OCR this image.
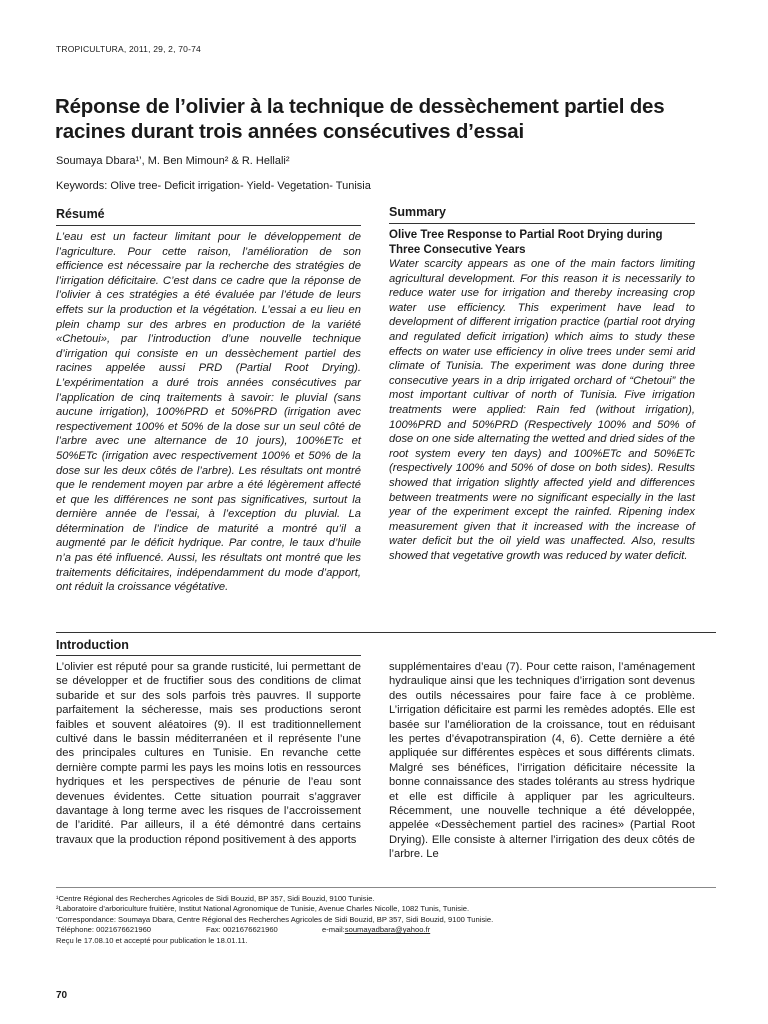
TROPICULTURA, 2011, 29, 2, 70-74
Réponse de l’olivier à la technique de dessèchement partiel des racines durant trois années consécutives d’essai
Soumaya Dbara¹’, M. Ben Mimoun² & R. Hellali²
Keywords: Olive tree- Deficit irrigation- Yield- Vegetation- Tunisia
Résumé

L’eau est un facteur limitant pour le développement de l’agriculture. Pour cette raison, l’amélioration de son efficience est nécessaire par la recherche des stratégies de l’irrigation déficitaire. C’est dans ce cadre que la réponse de l’olivier à ces stratégies a été évaluée par l’étude de leurs effets sur la production et la végétation. L’essai a eu lieu en plein champ sur des arbres en production de la variété «Chetoui», par l’introduction d’une nouvelle technique d’irrigation qui consiste en un dessèchement partiel des racines appelée aussi PRD (Partial Root Drying). L’expérimentation a duré trois années consécutives par l’application de cinq traitements à savoir: le pluvial (sans aucune irrigation), 100%PRD et 50%PRD (irrigation avec respectivement 100% et 50% de la dose sur un seul côté de l’arbre avec une alternance de 10 jours), 100%ETc et 50%ETc (irrigation avec respectivement 100% et 50% de la dose sur les deux côtés de l’arbre). Les résultats ont montré que le rendement moyen par arbre a été légèrement affecté et que les différences ne sont pas significatives, surtout la dernière année de l’essai, à l’exception du pluvial. La détermination de l’indice de maturité a montré qu’il a augmenté par le déficit hydrique. Par contre, le taux d’huile n’a pas été influencé. Aussi, les résultats ont montré que les traitements déficitaires, indépendamment du mode d’apport, ont réduit la croissance végétative.

Summary
Olive Tree Response to Partial Root Drying during Three Consecutive Years

Water scarcity appears as one of the main factors limiting agricultural development. For this reason it is necessarily to reduce water use for irrigation and thereby increasing crop water use efficiency. This experiment have lead to development of different irrigation practice (partial root drying and regulated deficit irrigation) which aims to study these effects on water use efficiency in olive trees under semi arid climate of Tunisia. The experiment was done during three consecutive years in a drip irrigated orchard of “Chetoui” the most important cultivar of north of Tunisia. Five irrigation treatments were applied: Rain fed (without irrigation), 100%PRD and 50%PRD (Respectively 100% and 50% of dose on one side alternating the wetted and dried sides of the root system every ten days) and 100%ETc and 50%ETc (respectively 100% and 50% of dose on both sides). Results showed that irrigation slightly affected yield and differences between treatments were no significant especially in the last year of the experiment except the rainfed. Ripening index measurement given that it increased with the increase of water deficit but the oil yield was unaffected. Also, results showed that vegetative growth was reduced by water deficit.

Introduction

L’olivier est réputé pour sa grande rusticité, lui permettant de se développer et de fructifier sous des conditions de climat subaride et sur des sols parfois très pauvres. Il supporte parfaitement la sécheresse, mais ses productions seront faibles et souvent aléatoires (9). Il est traditionnellement cultivé dans le bassin méditerranéen et il représente l’une des principales cultures en Tunisie. En revanche cette dernière compte parmi les pays les moins lotis en ressources hydriques et les perspectives de pénurie de l’eau sont devenues évidentes. Cette situation pourrait s’aggraver davantage à long terme avec les risques de l’accroissement de l’aridité. Par ailleurs, il a été démontré dans certains travaux que la production répond positivement à des apports

supplémentaires d’eau (7). Pour cette raison, l’aménagement hydraulique ainsi que les techniques d’irrigation sont devenus des outils nécessaires pour faire face à ce problème. L’irrigation déficitaire est parmi les remèdes adoptés. Elle est basée sur l’amélioration de la croissance, tout en réduisant les pertes d’évapotranspiration (4, 6). Cette dernière a été appliquée sur différentes espèces et sous différents climats. Malgré ses bénéfices, l’irrigation déficitaire nécessite la bonne connaissance des stades tolérants au stress hydrique et elle est difficile à appliquer par les agriculteurs. Récemment, une nouvelle technique a été développée, appelée «Dessèchement partiel des racines» (Partial Root Drying). Elle consiste à alterner l’irrigation des deux côtés de l’arbre. Le

¹Centre Régional des Recherches Agricoles de Sidi Bouzid, BP 357, Sidi Bouzid, 9100 Tunisie.
²Laboratoire d’arboriculture fruitière, Institut National Agronomique de Tunisie, Avenue Charles Nicolle, 1082 Tunis, Tunisie.
’Correspondance: Soumaya Dbara, Centre Régional des Recherches Agricoles de Sidi Bouzid, BP 357, Sidi Bouzid, 9100 Tunisie.
Téléphone: 0021676621960	Fax: 0021676621960	e-mail:soumayadbara@yahoo.fr
Reçu le 17.08.10 et accepté pour publication le 18.01.11.
70
